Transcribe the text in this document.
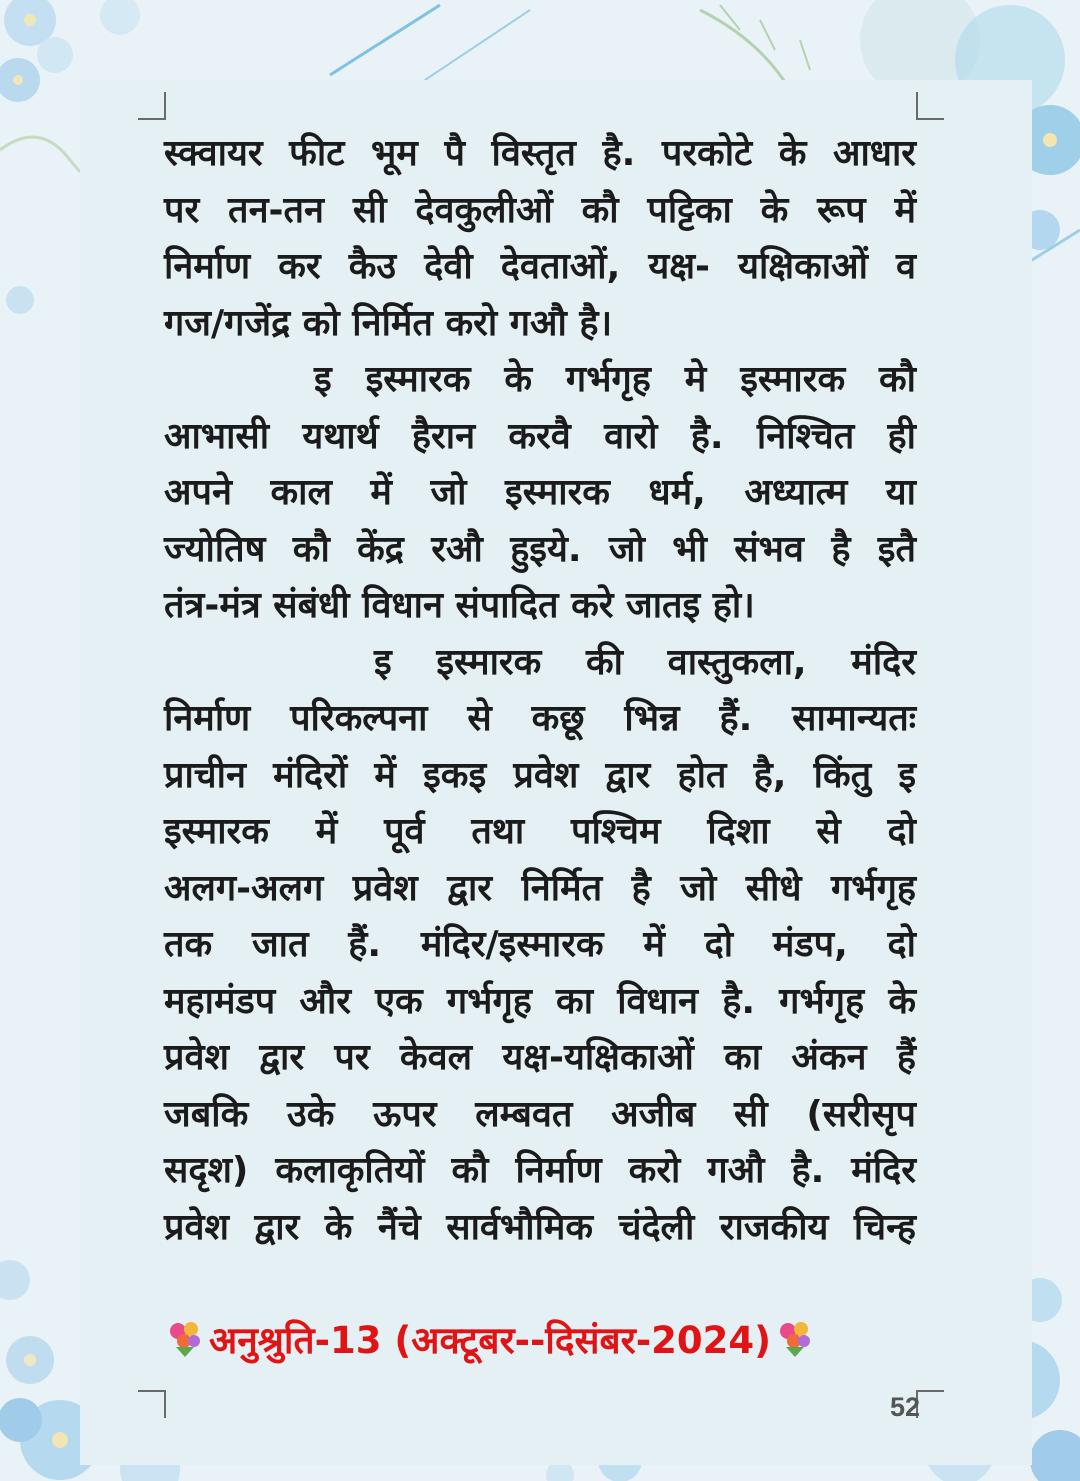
स्क्वायर फीट भूम पै विस्तृत है. परकोटे के आधार
पर तन-तन सी देवकुलीओं कौ पट्टिका के रूप में
निर्माण कर कैउ देवी देवताओं, यक्ष- यक्षिकाओं व
गज/गजेंद्र को निर्मित करो गऔ है।
इ इस्मारक के गर्भगृह मे इस्मारक कौ
आभासी यथार्थ हैरान करवै वारो है. निश्चित ही
अपने काल में जो इस्मारक धर्म, अध्यात्म या
ज्योतिष कौ केंद्र रऔ हुइये. जो भी संभव है इतै
तंत्र-मंत्र संबंधी विधान संपादित करे जातइ हो।
इ इस्मारक की वास्तुकला, मंदिर
निर्माण परिकल्पना से कछू भिन्न हैं. सामान्यतः
प्राचीन मंदिरों में इकइ प्रवेश द्वार होत है, किंतु इ
इस्मारक में पूर्व तथा पश्चिम दिशा से दो
अलग-अलग प्रवेश द्वार निर्मित है जो सीधे गर्भगृह
तक जात हैं. मंदिर/इस्मारक में दो मंडप, दो
महामंडप और एक गर्भगृह का विधान है. गर्भगृह के
प्रवेश द्वार पर केवल यक्ष-यक्षिकाओं का अंकन हैं
जबकि उके ऊपर लम्बवत अजीब सी (सरीसृप
सदृश) कलाकृतियों कौ निर्माण करो गऔ है. मंदिर
प्रवेश द्वार के नैंचे सार्वभौमिक चंदेली राजकीय चिन्ह
अनुश्रुति-13 (अक्टूबर--दिसंबर-2024)
52
